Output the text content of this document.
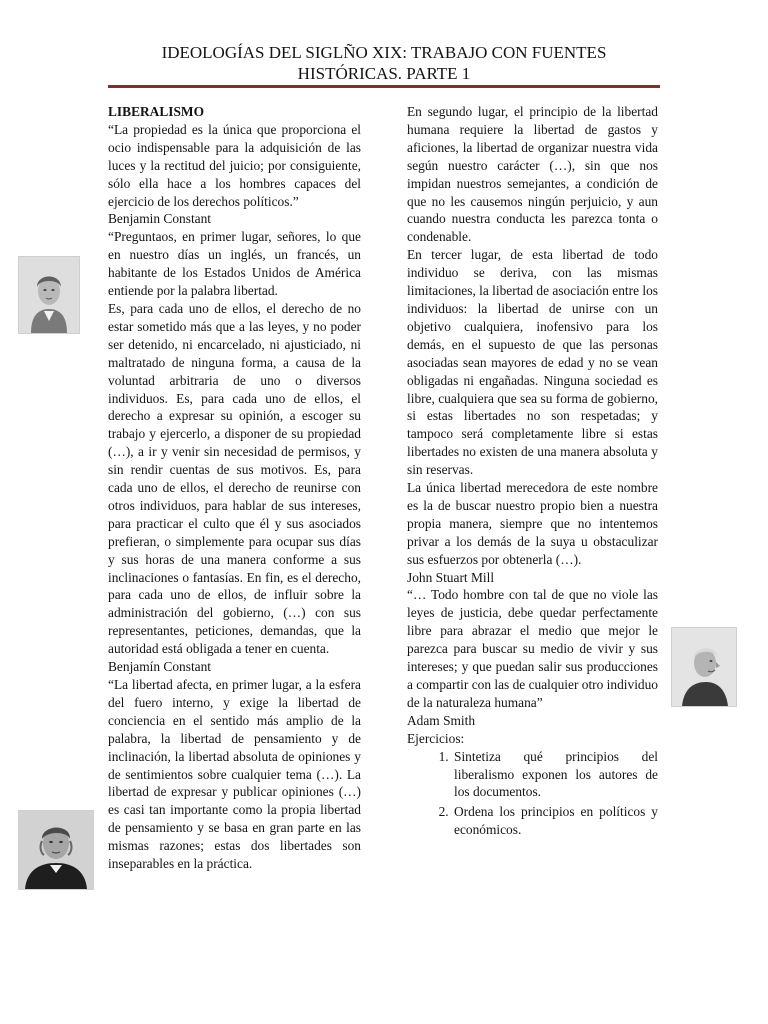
IDEOLOGÍAS DEL SIGLÑO XIX: TRABAJO CON FUENTES
HISTÓRICAS. PARTE 1

LIBERALISMO

“La propiedad es la única que proporciona el ocio indispensable para la adquisición de las luces y la rectitud del juicio; por consiguiente, sólo ella hace a los hombres capaces del ejercicio de los derechos políticos.”

Benjamin Constant

“Preguntaos, en primer lugar, señores, lo que en nuestro días un inglés, un francés, un habitante de los Estados Unidos de América entiende por la palabra libertad.

Es, para cada uno de ellos, el derecho de no estar sometido más que a las leyes, y no poder ser detenido, ni encarcelado, ni ajusticiado, ni maltratado de ninguna forma, a causa de la voluntad arbitraria de uno o diversos individuos. Es, para cada uno de ellos, el derecho a expresar su opinión, a escoger su trabajo y ejercerlo, a disponer de su propiedad (…), a ir y venir sin necesidad de permisos, y sin rendir cuentas de sus motivos. Es, para cada uno de ellos, el derecho de reunirse con otros individuos, para hablar de sus intereses, para practicar el culto que él y sus asociados prefieran, o simplemente para ocupar sus días y sus horas de una manera conforme a sus inclinaciones o fantasías. En fin, es el derecho, para cada uno de ellos, de influir sobre la administración del gobierno, (…) con sus representantes, peticiones, demandas, que la autoridad está obligada a tener en cuenta.

Benjamín Constant

“La libertad afecta, en primer lugar, a la esfera del fuero interno, y exige la libertad de conciencia en el sentido más amplio de la palabra, la libertad de pensamiento y de inclinación, la libertad absoluta de opiniones y de sentimientos sobre cualquier tema (…). La libertad de expresar y publicar opiniones (…) es casi tan importante como la propia libertad de pensamiento y se basa en gran parte en las mismas razones; estas dos libertades son inseparables en la práctica.

En segundo lugar, el principio de la libertad humana requiere la libertad de gastos y aficiones, la libertad de organizar nuestra vida según nuestro carácter (…), sin que nos impidan nuestros semejantes, a condición de que no les causemos ningún perjuicio, y aun cuando nuestra conducta les parezca tonta o condenable.

En tercer lugar, de esta libertad de todo individuo se deriva, con las mismas limitaciones, la libertad de asociación entre los individuos: la libertad de unirse con un objetivo cualquiera, inofensivo para los demás, en el supuesto de que las personas asociadas sean mayores de edad y no se vean obligadas ni engañadas. Ninguna sociedad es libre, cualquiera que sea su forma de gobierno, si estas libertades no son respetadas; y tampoco será completamente libre si estas libertades no existen de una manera absoluta y sin reservas.

La única libertad merecedora de este nombre es la de buscar nuestro propio bien a nuestra propia manera, siempre que no intentemos privar a los demás de la suya u obstaculizar sus esfuerzos por obtenerla (…).

John Stuart Mill

“… Todo hombre con tal de que no viole las leyes de justicia, debe quedar perfectamente libre para abrazar el medio que mejor le parezca para buscar su medio de vivir y sus intereses; y que puedan salir sus producciones a compartir con las de cualquier otro individuo de la naturaleza humana”

Adam Smith

Ejercicios:

1. Sintetiza qué principios del liberalismo exponen los autores de los documentos.
2. Ordena los principios en políticos y económicos.
